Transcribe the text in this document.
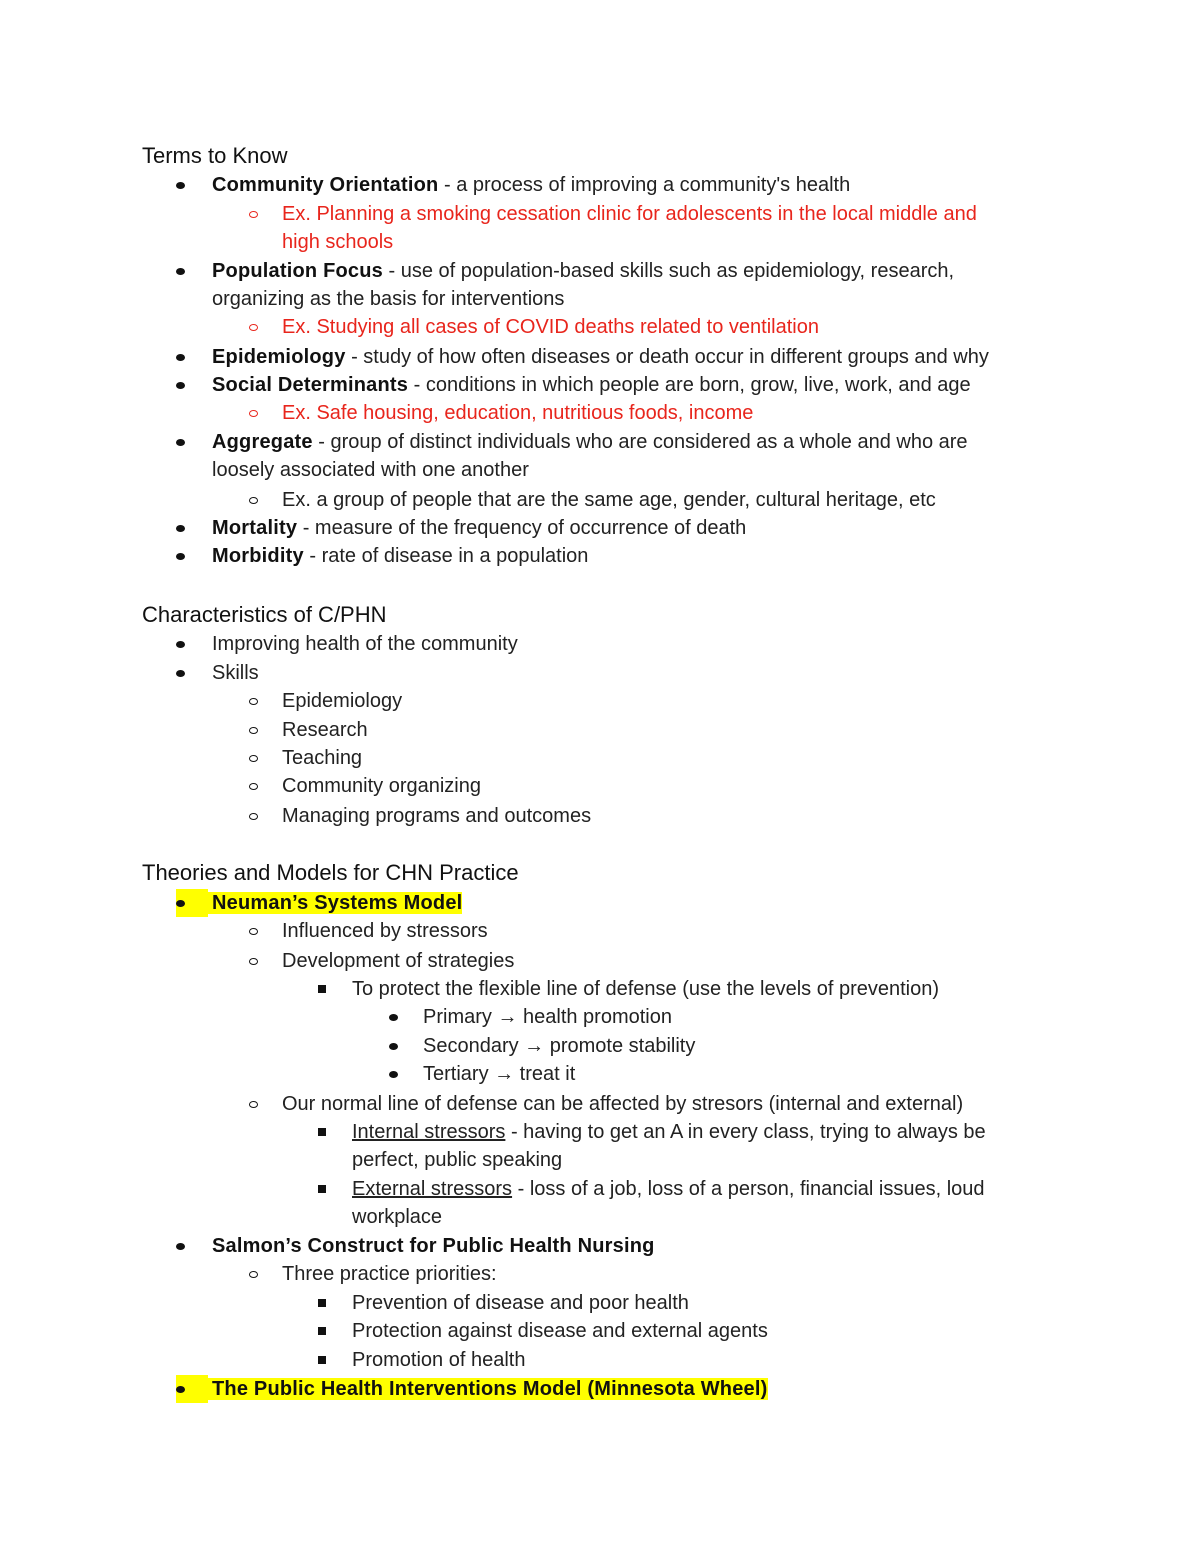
Terms to Know
Community Orientation - a process of improving a community's health
Ex. Planning a smoking cessation clinic for adolescents in the local middle and
high schools
Population Focus - use of population-based skills such as epidemiology, research,
organizing as the basis for interventions
Ex. Studying all cases of COVID deaths related to ventilation
Epidemiology - study of how often diseases or death occur in different groups and why
Social Determinants - conditions in which people are born, grow, live, work, and age
Ex. Safe housing, education, nutritious foods, income
Aggregate - group of distinct individuals who are considered as a whole and who are
loosely associated with one another
Ex. a group of people that are the same age, gender, cultural heritage, etc
Mortality - measure of the frequency of occurrence of death
Morbidity - rate of disease in a population
Characteristics of C/PHN
Improving health of the community
Skills
Epidemiology
Research
Teaching
Community organizing
Managing programs and outcomes
Theories and Models for CHN Practice
Neuman’s Systems Model
Influenced by stressors
Development of strategies
To protect the flexible line of defense (use the levels of prevention)
Primary → health promotion
Secondary → promote stability
Tertiary → treat it
Our normal line of defense can be affected by stresors (internal and external)
Internal stressors - having to get an A in every class, trying to always be
perfect, public speaking
External stressors - loss of a job, loss of a person, financial issues, loud
workplace
Salmon’s Construct for Public Health Nursing
Three practice priorities:
Prevention of disease and poor health
Protection against disease and external agents
Promotion of health
The Public Health Interventions Model (Minnesota Wheel)
